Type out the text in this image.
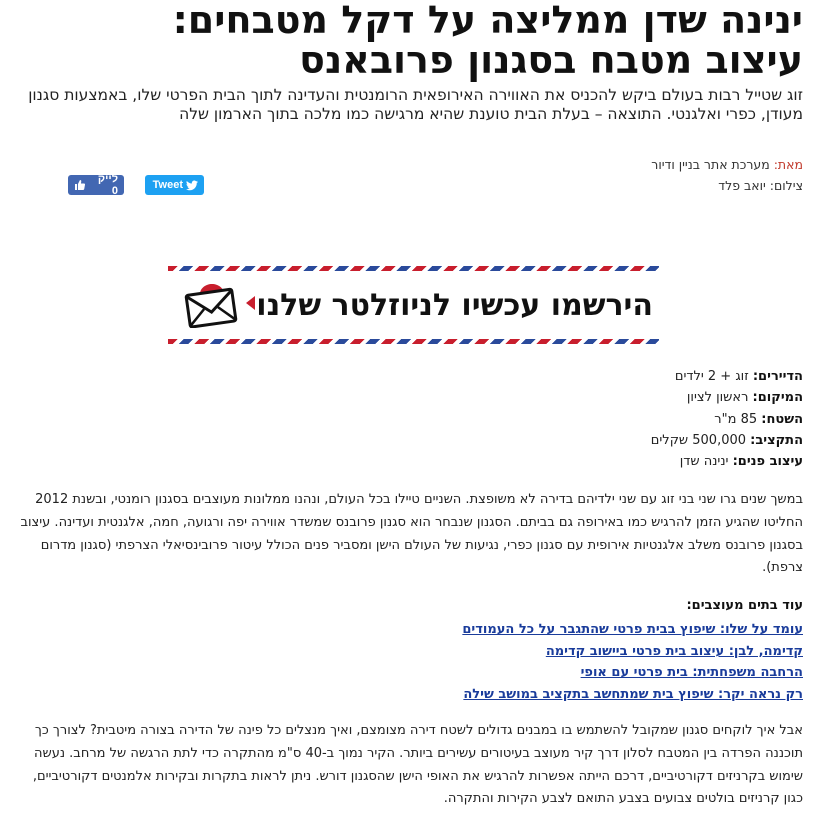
ינינה שדן ממליצה על דקל מטבחים:
עיצוב מטבח בסגנון פרובאנס
זוג שטייל רבות בעולם ביקש להכניס את האווירה האירופאית הרומנטית והעדינה לתוך הבית הפרטי שלו, באמצעות סגנון מעודן, כפרי ואלגנטי. התוצאה – בעלת הבית טוענת שהיא מרגישה כמו מלכה בתוך הארמון שלה
מאת: מערכת אתר בניין ודיור
צילום: יואב פלד
לייק 0	Tweet
הירשמו עכשיו לניוזלטר שלנו
הדיירים: זוג + 2 ילדים
המיקום: ראשון לציון
השטח: 85 מ"ר
התקציב: 500,000 שקלים
עיצוב פנים: ינינה שדן

במשך שנים גרו שני בני זוג עם שני ילדיהם בדירה לא משופצת. השניים טיילו בכל העולם, ונהנו ממלונות מעוצבים בסגנון רומנטי, ובשנת 2012 החליטו שהגיע הזמן להרגיש כמו באירופה גם בביתם. הסגנון שנבחר הוא סגנון פרובנס שמשדר אווירה יפה ורגועה, חמה, אלגנטית ועדינה. עיצוב בסגנון פרובנס משלב אלגנטיות אירופית עם סגנון כפרי, נגיעות של העולם הישן ומסביר פנים הכולל עיטור פרובינסיאלי הצרפתי (סגנון מדרום צרפת).

עוד בתים מעוצבים:
עומד על שלו: שיפוץ בבית פרטי שהתגבר על כל העמודים
קדימה, לבן: עיצוב בית פרטי ביישוב קדימה
הרחבה משפחתית: בית פרטי עם אופי
רק נראה יקר: שיפוץ בית שמתחשב בתקציב במושב שילה

אבל איך לוקחים סגנון שמקובל להשתמש בו במבנים גדולים לשטח דירה מצומצם, ואיך מנצלים כל פינה של הדירה בצורה מיטבית? לצורך כך תוכננה הפרדה בין המטבח לסלון דרך קיר מעוצב בעיטורים עשירים ביותר. הקיר נמוך ב-40 ס"מ מהתקרה כדי לתת הרגשה של מרחב. נעשה שימוש בקרניזים דקורטיביים, דרכם הייתה אפשרות להרגיש את האופי הישן שהסגנון דורש. ניתן לראות בתקרות ובקירות אלמנטים דקורטיביים, כגון קרניזים בולטים צבועים בצבע התואם לצבע הקירות והתקרה.
